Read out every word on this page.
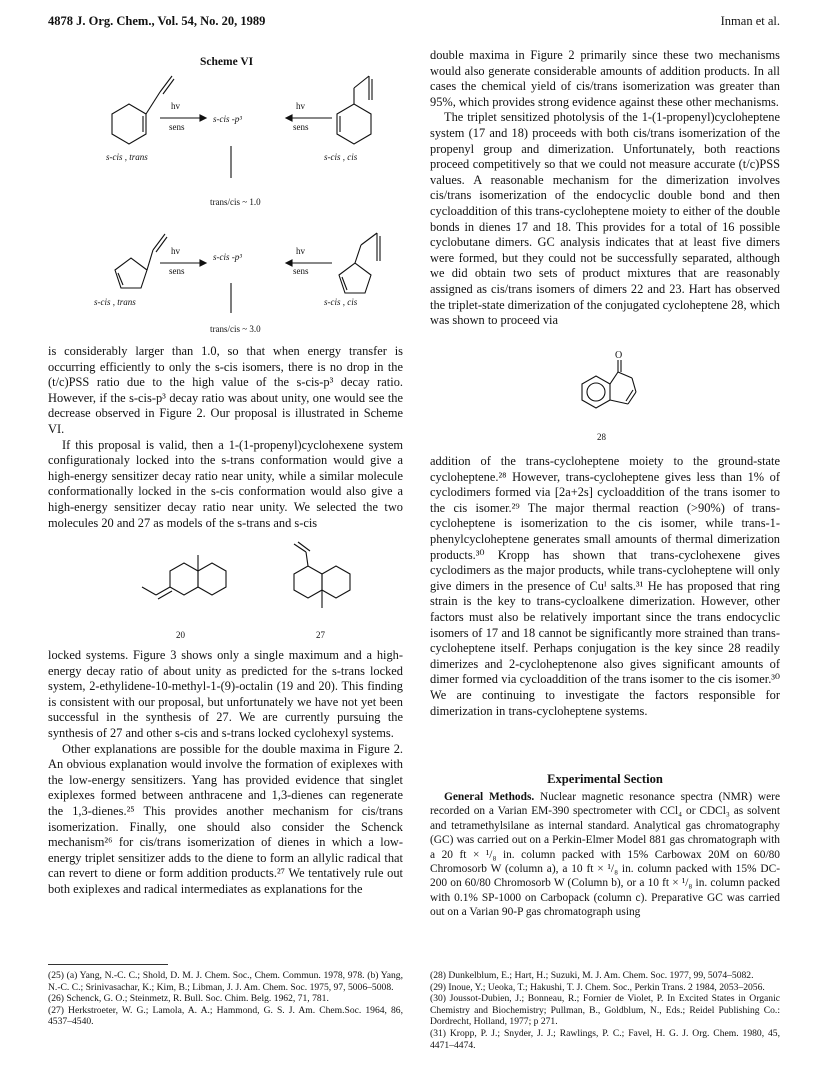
4878 J. Org. Chem., Vol. 54, No. 20, 1989	Inman et al.
Scheme VI
hv
sens
s-cis -p³
hv
sens
s-cis , trans	s-cis , cis
trans/cis ~ 1.0
hv
sens
s-cis -p³
hv
sens
s-cis , trans	s-cis , cis
trans/cis ~ 3.0

is considerably larger than 1.0, so that when energy transfer is occurring efficiently to only the s-cis isomers, there is no drop in the (t/c)PSS ratio due to the high value of the s-cis-p³ decay ratio. However, if the s-cis-p³ decay ratio was about unity, one would see the decrease observed in Figure 2. Our proposal is illustrated in Scheme VI.

If this proposal is valid, then a 1-(1-propenyl)cyclohexene system configurationaly locked into the s-trans conformation would give a high-energy sensitizer decay ratio near unity, while a similar molecule conformationally locked in the s-cis conformation would also give a high-energy sensitizer decay ratio near unity. We selected the two molecules 20 and 27 as models of the s-trans and s-cis

20	27

locked systems. Figure 3 shows only a single maximum and a high-energy decay ratio of about unity as predicted for the s-trans locked system, 2-ethylidene-10-methyl-1-(9)-octalin (19 and 20). This finding is consistent with our proposal, but unfortunately we have not yet been successful in the synthesis of 27. We are currently pursuing the synthesis of 27 and other s-cis and s-trans locked cyclohexyl systems.

Other explanations are possible for the double maxima in Figure 2. An obvious explanation would involve the formation of exiplexes with the low-energy sensitizers. Yang has provided evidence that singlet exiplexes formed between anthracene and 1,3-dienes can regenerate the 1,3-dienes.²⁵ This provides another mechanism for cis/trans isomerization. Finally, one should also consider the Schenck mechanism²⁶ for cis/trans isomerization of dienes in which a low-energy triplet sensitizer adds to the diene to form an allylic radical that can revert to diene or form addition products.²⁷ We tentatively rule out both exiplexes and radical intermediates as explanations for the

(25) (a) Yang, N.-C. C.; Shold, D. M. J. Chem. Soc., Chem. Commun. 1978, 978. (b) Yang, N.-C. C.; Srinivasachar, K.; Kim, B.; Libman, J. J. Am. Chem. Soc. 1975, 97, 5006–5008.

(26) Schenck, G. O.; Steinmetz, R. Bull. Soc. Chim. Belg. 1962, 71, 781.

(27) Herkstroeter, W. G.; Lamola, A. A.; Hammond, G. S. J. Am. Chem.Soc. 1964, 86, 4537–4540.

double maxima in Figure 2 primarily since these two mechanisms would also generate considerable amounts of addition products. In all cases the chemical yield of cis/trans isomerization was greater than 95%, which provides strong evidence against these other mechanisms.

The triplet sensitized photolysis of the 1-(1-propenyl)cycloheptene system (17 and 18) proceeds with both cis/trans isomerization of the propenyl group and dimerization. Unfortunately, both reactions proceed competitively so that we could not measure accurate (t/c)PSS values. A reasonable mechanism for the dimerization involves cis/trans isomerization of the endocyclic double bond and then cycloaddition of this trans-cycloheptene moiety to either of the double bonds in dienes 17 and 18. This provides for a total of 16 possible cyclobutane dimers. GC analysis indicates that at least five dimers were formed, but they could not be successfully separated, although we did obtain two sets of product mixtures that are reasonably assigned as cis/trans isomers of dimers 22 and 23. Hart has observed the triplet-state dimerization of the conjugated cycloheptene 28, which was shown to proceed via

O
28

addition of the trans-cycloheptene moiety to the ground-state cycloheptene.²⁸ However, trans-cycloheptene gives less than 1% of cyclodimers formed via [2a+2s] cycloaddition of the trans isomer to the cis isomer.²⁹ The major thermal reaction (>90%) of trans-cycloheptene is isomerization to the cis isomer, while trans-1-phenylcycloheptene generates small amounts of thermal dimerization products.³⁰ Kropp has shown that trans-cyclohexene gives cyclodimers as the major products, while trans-cycloheptene will only give dimers in the presence of Cuᴵ salts.³¹ He has proposed that ring strain is the key to trans-cycloalkene dimerization. However, other factors must also be relatively important since the trans endocyclic isomers of 17 and 18 cannot be significantly more strained than trans-cycloheptene itself. Perhaps conjugation is the key since 28 readily dimerizes and 2-cycloheptenone also gives significant amounts of dimer formed via cycloaddition of the trans isomer to the cis isomer.³⁰ We are continuing to investigate the factors responsible for dimerization in trans-cycloheptene systems.

Experimental Section

General Methods. Nuclear magnetic resonance spectra (NMR) were recorded on a Varian EM-390 spectrometer with CCl₄ or CDCl₃ as solvent and tetramethylsilane as internal standard. Analytical gas chromatography (GC) was carried out on a Perkin-Elmer Model 881 gas chromatograph with a 20 ft × ¹/₈ in. column packed with 15% Carbowax 20M on 60/80 Chromosorb W (column a), a 10 ft × ¹/₈ in. column packed with 15% DC-200 on 60/80 Chromosorb W (Column b), or a 10 ft × ¹/₈ in. column packed with 0.1% SP-1000 on Carbopack (column c). Preparative GC was carried out on a Varian 90-P gas chromatograph using

(28) Dunkelblum, E.; Hart, H.; Suzuki, M. J. Am. Chem. Soc. 1977, 99, 5074–5082.

(29) Inoue, Y.; Ueoka, T.; Hakushi, T. J. Chem. Soc., Perkin Trans. 2 1984, 2053–2056.

(30) Joussot-Dubien, J.; Bonneau, R.; Fornier de Violet, P. In Excited States in Organic Chemistry and Biochemistry; Pullman, B., Goldblum, N., Eds.; Reidel Publishing Co.: Dordrecht, Holland, 1977; p 271.

(31) Kropp, P. J.; Snyder, J. J.; Rawlings, P. C.; Favel, H. G. J. Org. Chem. 1980, 45, 4471–4474.
